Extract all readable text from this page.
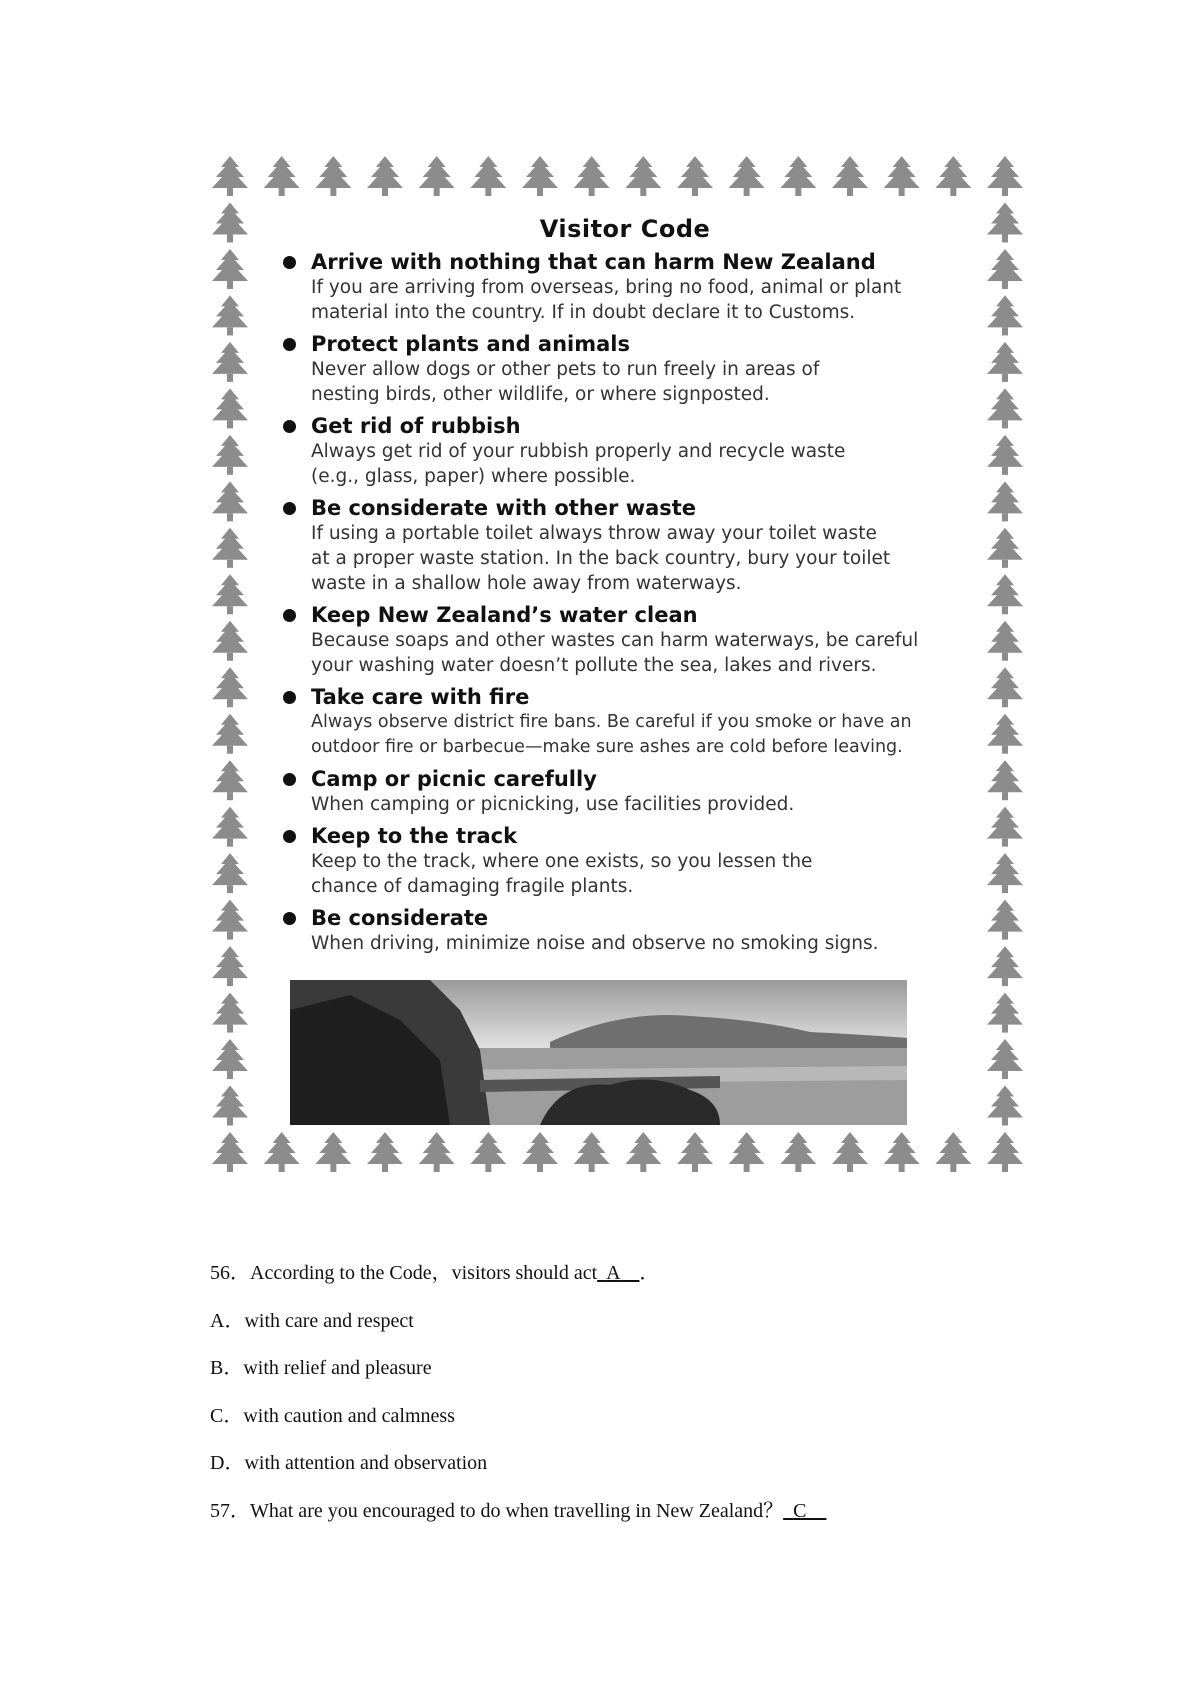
Visitor Code
Arrive with nothing that can harm New Zealand
If you are arriving from overseas, bring no food, animal or plant
material into the country. If in doubt declare it to Customs.
Protect plants and animals
Never allow dogs or other pets to run freely in areas of
nesting birds, other wildlife, or where signposted.
Get rid of rubbish
Always get rid of your rubbish properly and recycle waste
(e.g., glass, paper) where possible.
Be considerate with other waste
If using a portable toilet always throw away your toilet waste
at a proper waste station. In the back country, bury your toilet
waste in a shallow hole away from waterways.
Keep New Zealand’s water clean
Because soaps and other wastes can harm waterways, be careful
your washing water doesn’t pollute the sea, lakes and rivers.
Take care with fire
Always observe district fire bans. Be careful if you smoke or have an
outdoor fire or barbecue—make sure ashes are cold before leaving.
Camp or picnic carefully
When camping or picnicking, use facilities provided.
Keep to the track
Keep to the track, where one exists, so you lessen the
chance of damaging fragile plants.
Be considerate
When driving, minimize noise and observe no smoking signs.
56．According to the Code，visitors should act A ．
A．with care and respect
B．with relief and pleasure
C．with caution and calmness
D．with attention and observation
57．What are you encouraged to do when travelling in New Zealand？ C
